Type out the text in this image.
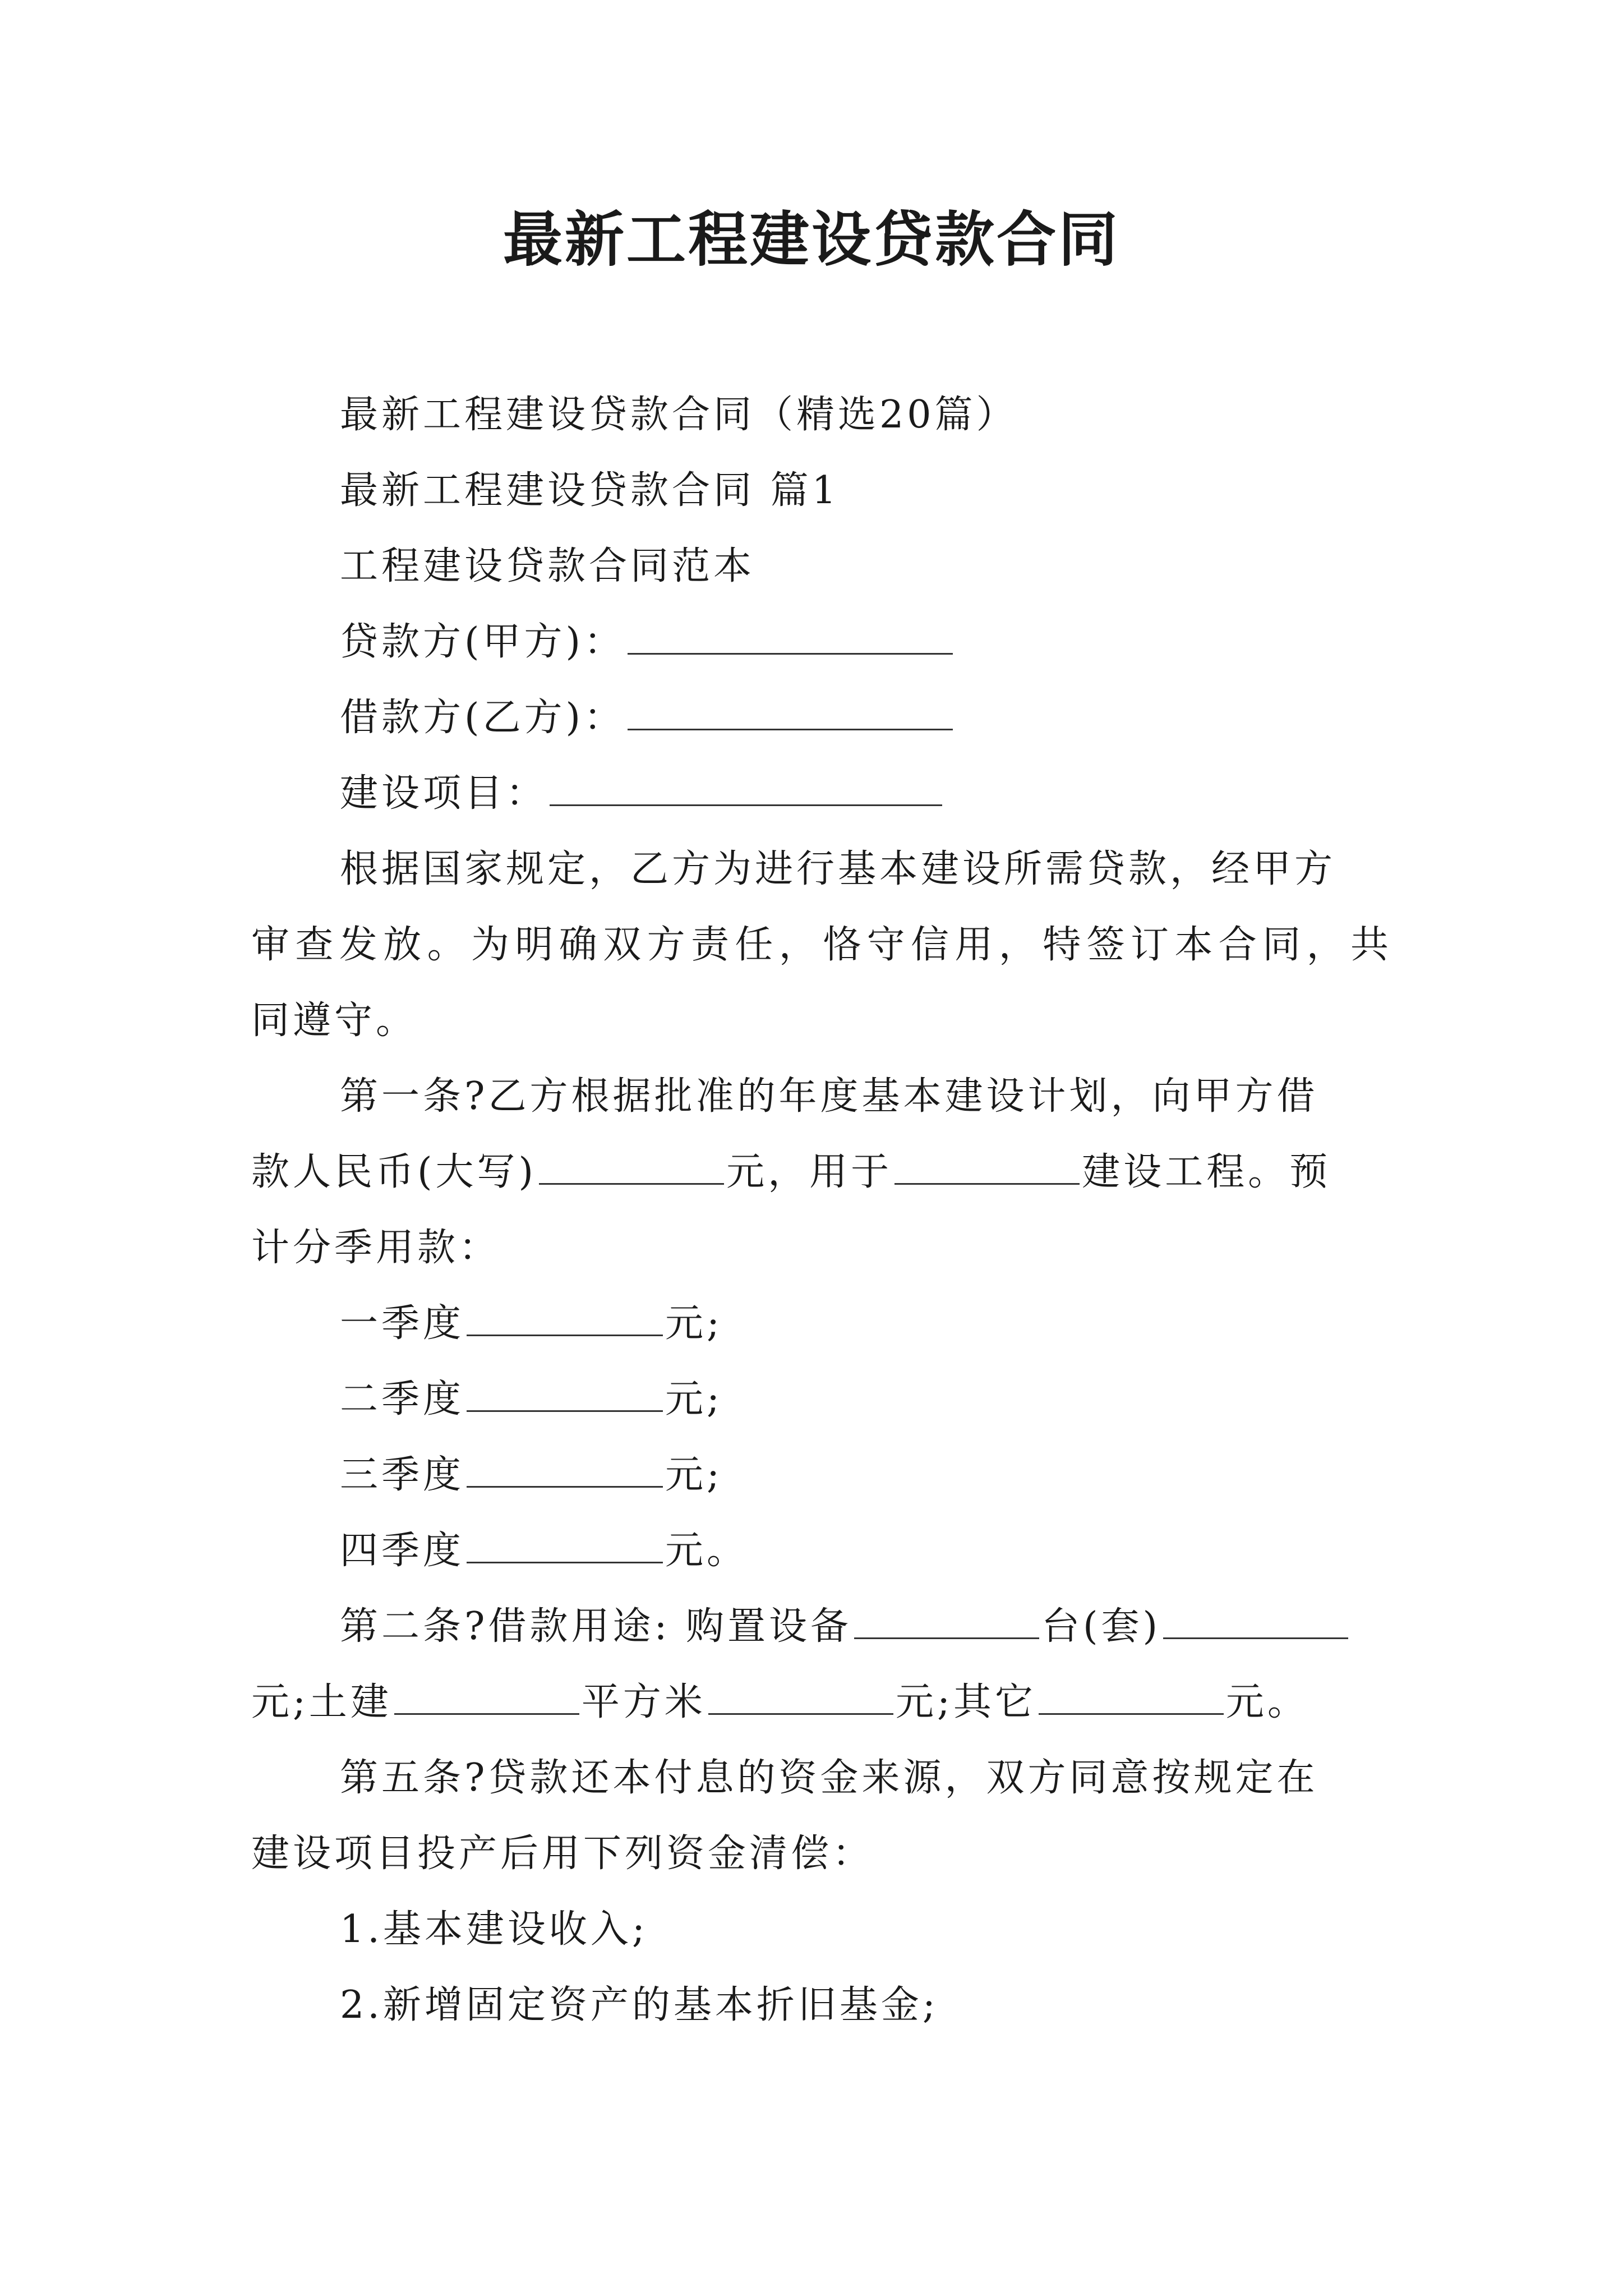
最新工程建设贷款合同
最新工程建设贷款合同（精选20篇）
最新工程建设贷款合同 篇1
工程建设贷款合同范本
贷款方(甲方)：
借款方(乙方)：
建设项目：
根据国家规定，乙方为进行基本建设所需贷款，经甲方
审查发放。为明确双方责任，恪守信用，特签订本合同，共
同遵守。
第一条?乙方根据批准的年度基本建设计划，向甲方借
款人民币(大写)	元，用于	建设工程。预
计分季用款：
一季度	元;
二季度	元;
三季度	元;
四季度	元。
第二条?借款用途: 购置设备	台(套)
元;土建	平方米	元;其它	元。
第五条?贷款还本付息的资金来源，双方同意按规定在
建设项目投产后用下列资金清偿：
1.基本建设收入;
2.新增固定资产的基本折旧基金;
